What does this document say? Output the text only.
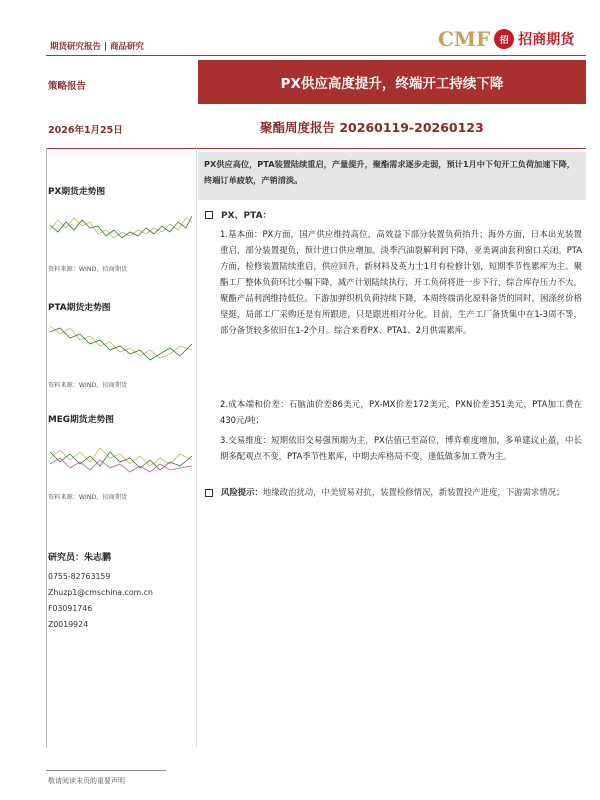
期货研究报告 | 商品研究	CMF	招 招商期货
策略报告	PX供应高度提升，终端开工持续下降
2026年1月25日	聚酯周度报告 20260119-20260123
PX供应高位，PTA装置陆续重启，产量提升，聚酯需求逐步走弱，预计1月中下旬开工负荷加速下降，终端订单疲软，产销清淡。
PX期货走势图
资料来源：WIND，招商期货
PTA期货走势图
资料来源：WIND，招商期货
MEG期货走势图
资料来源：WIND，招商期货
研究员：朱志鹏
0755-82763159
Zhuzp1@cmschina.com.cn
F03091746
Z0019924
PX、PTA：
1.基本面：PX方面，国产供应维持高位，高效益下部分装置负荷抬升；海外方面，日本出光装置重启，部分装置提负，预计进口供应增加。淡季汽油裂解利润下降，亚美调油套利窗口关闭。PTA方面，检修装置陆续重启，供应回升，新材料及英力士1月有检修计划，短期季节性累库为主。聚酯工厂整体负荷环比小幅下降，减产计划陆续执行，开工负荷将进一步下行，综合库存压力不大，聚酯产品利润维持低位。下游加弹织机负荷持续下降，本周终端消化原料备货的同时，困涤丝价格坚挺，局部工厂采购还是有所跟进，只是跟进相对分化。目前，生产工厂备货集中在1-3周不等，部分备货较多依旧在1-2个月。综合来看PX、PTA1、2月供需累库。
2.成本端和价差：石脑油价差86美元，PX-MX价差172美元，PXN价差351美元，PTA加工费在430元/吨；
3.交易维度：短期依旧交易强预期为主，PX估值已至高位，博弈难度增加，多单建议止盈，中长期多配观点不变，PTA季节性累库，中期去库格局不变，逢低做多加工费为主。
风险提示：地缘政治扰动，中美贸易对抗，装置检修情况，新装置投产进度，下游需求情况；
敬请阅读末页的重要声明
